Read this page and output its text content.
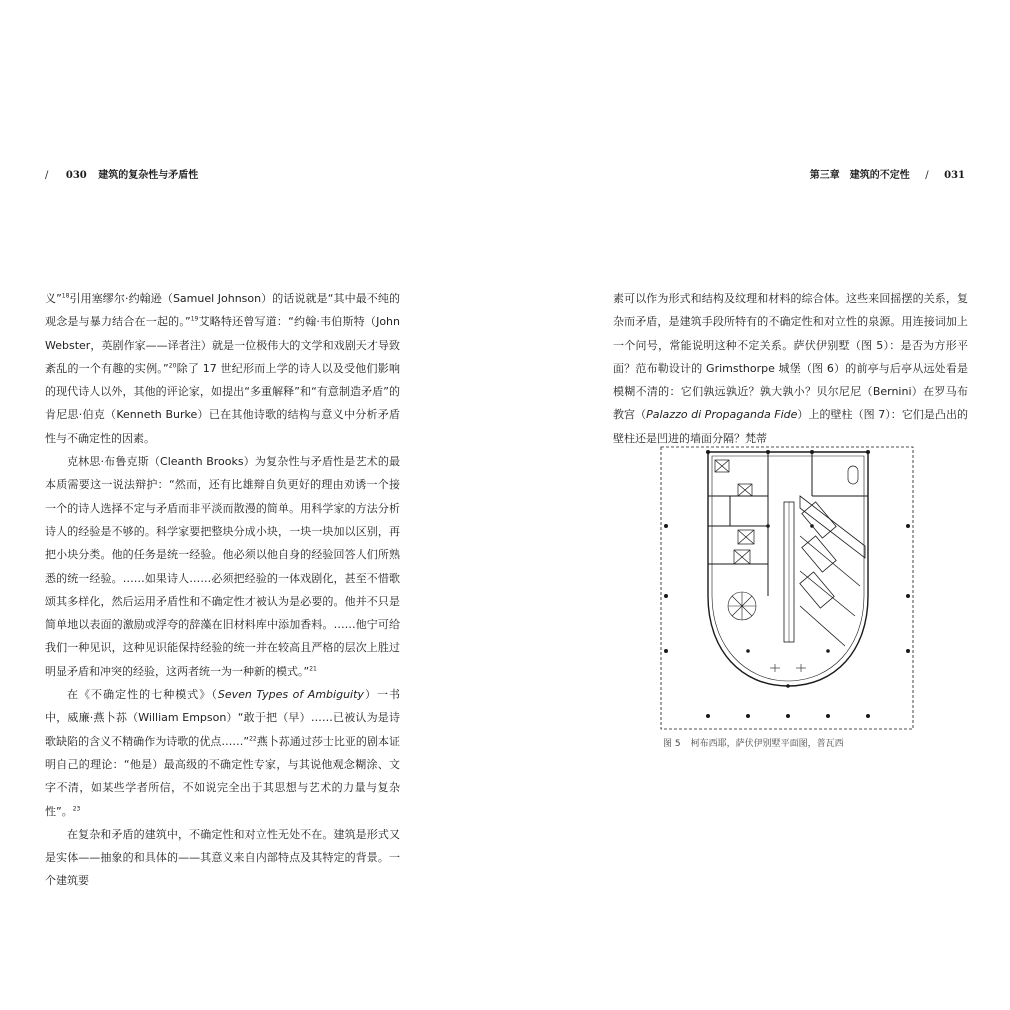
/ 030 建筑的复杂性与矛盾性

义”$^{18}$引用塞缪尔·约翰逊（Samuel Johnson）的话说就是“其中最不纯的观念是与暴力结合在一起的。”$^{19}$艾略特还曾写道：“约翰·韦伯斯特（John Webster，英剧作家——译者注）就是一位极伟大的文学和戏剧天才导致紊乱的一个有趣的实例。”$^{20}$除了 17 世纪形而上学的诗人以及受他们影响的现代诗人以外，其他的评论家，如提出“多重解释”和“有意制造矛盾”的肯尼思·伯克（Kenneth Burke）已在其他诗歌的结构与意义中分析矛盾性与不确定性的因素。

克林思·布鲁克斯（Cleanth Brooks）为复杂性与矛盾性是艺术的最本质需要这一说法辩护：“然而，还有比雄辩自负更好的理由劝诱一个接一个的诗人选择不定与矛盾而非平淡而散漫的简单。用科学家的方法分析诗人的经验是不够的。科学家要把整块分成小块，一块一块加以区别，再把小块分类。他的任务是统一经验。他必须以他自身的经验回答人们所熟悉的统一经验。……如果诗人……必须把经验的一体戏剧化，甚至不惜歌颂其多样化，然后运用矛盾性和不确定性才被认为是必要的。他并不只是简单地以表面的激励或浮夸的辞藻在旧材料库中添加香料。……他宁可给我们一种见识，这种见识能保持经验的统一并在较高且严格的层次上胜过明显矛盾和冲突的经验，这两者统一为一种新的模式。”$^{21}$

在《不确定性的七种模式》（Seven Types of Ambiguity）一书中，威廉·燕卜荪（William Empson）“敢于把（早）……已被认为是诗歌缺陷的含义不精确作为诗歌的优点……”$^{22}$燕卜荪通过莎士比亚的剧本证明自己的理论：“他是）最高级的不确定性专家，与其说他观念糊涂、文字不清，如某些学者所信，不如说完全出于其思想与艺术的力量与复杂性”。$^{23}$

在复杂和矛盾的建筑中，不确定性和对立性无处不在。建筑是形式又是实体——抽象的和具体的——其意义来自内部特点及其特定的背景。一个建筑要

第三章　建筑的不定性 / 031

素可以作为形式和结构及纹理和材料的综合体。这些来回摇摆的关系，复杂而矛盾，是建筑手段所特有的不确定性和对立性的泉源。用连接词加上一个问号，常能说明这种不定关系。萨伏伊别墅（图 5）：是否为方形平面？范布勒设计的 Grimsthorpe 城堡（图 6）的前亭与后亭从远处看是模糊不清的：它们孰远孰近？孰大孰小？贝尔尼尼（Bernini）在罗马布教宫（Palazzo di Propaganda Fide）上的壁柱（图 7）：它们是凸出的壁柱还是凹进的墙面分隔？梵蒂

图 5 柯布西耶，萨伏伊别墅平面图，普瓦西
